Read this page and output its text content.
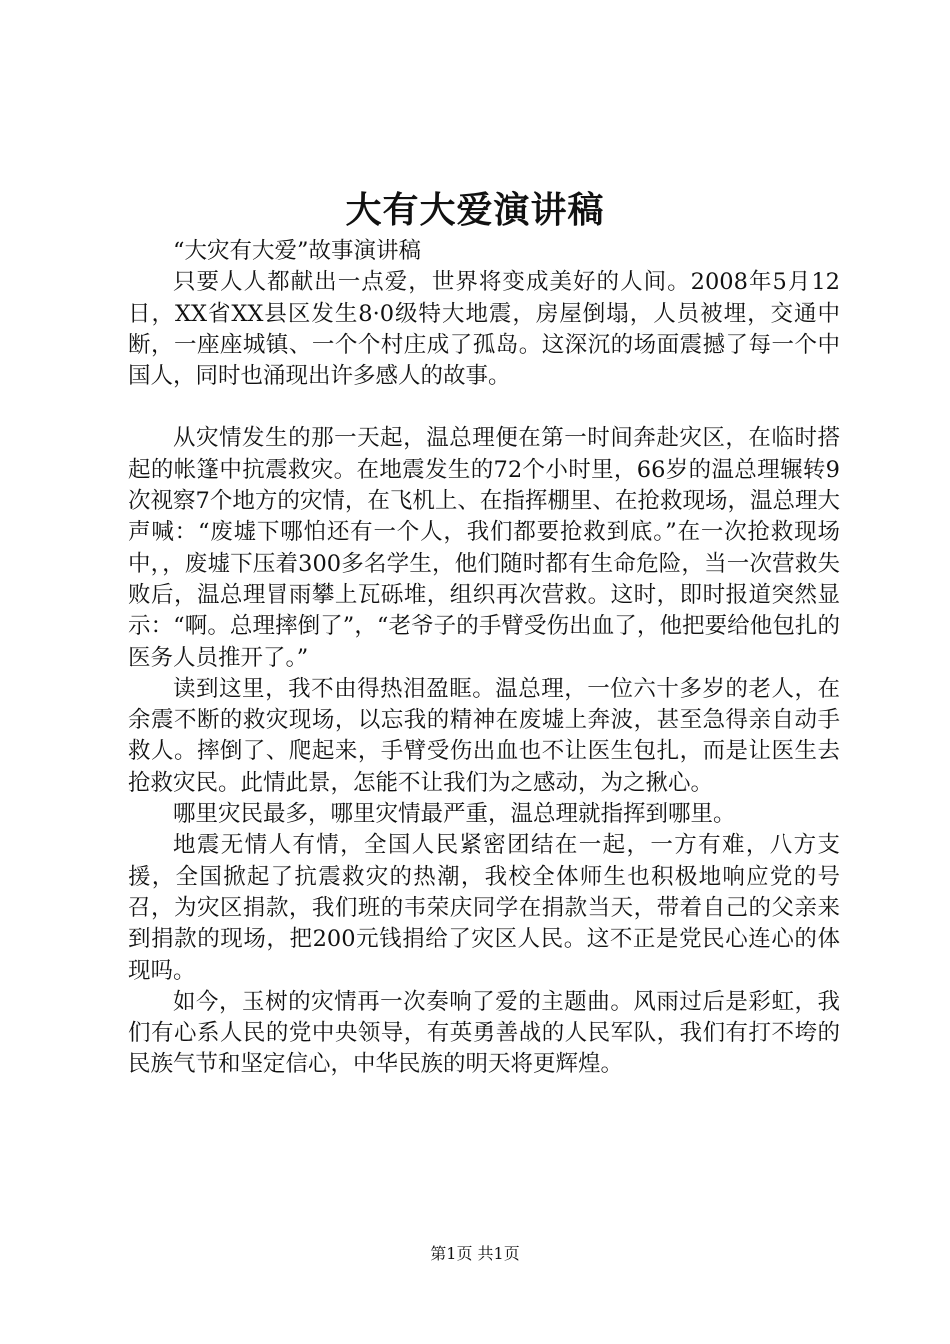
大有大爱演讲稿

“大灾有大爱”故事演讲稿

只要人人都献出一点爱，世界将变成美好的人间。2008年5月12日，XX省XX县区发生8·0级特大地震，房屋倒塌，人员被埋，交通中断，一座座城镇、一个个村庄成了孤岛。这深沉的场面震撼了每一个中国人，同时也涌现出许多感人的故事。

从灾情发生的那一天起，温总理便在第一时间奔赴灾区，在临时搭起的帐篷中抗震救灾。在地震发生的72个小时里，66岁的温总理辗转9次视察7个地方的灾情，在飞机上、在指挥棚里、在抢救现场，温总理大声喊：“废墟下哪怕还有一个人，我们都要抢救到底。”在一次抢救现场中，，废墟下压着300多名学生，他们随时都有生命危险，当一次营救失败后，温总理冒雨攀上瓦砾堆，组织再次营救。这时，即时报道突然显示：“啊。总理摔倒了”，“老爷子的手臂受伤出血了，他把要给他包扎的医务人员推开了。”

读到这里，我不由得热泪盈眶。温总理，一位六十多岁的老人，在余震不断的救灾现场，以忘我的精神在废墟上奔波，甚至急得亲自动手救人。摔倒了、爬起来，手臂受伤出血也不让医生包扎，而是让医生去抢救灾民。此情此景，怎能不让我们为之感动，为之揪心。

哪里灾民最多，哪里灾情最严重，温总理就指挥到哪里。

地震无情人有情，全国人民紧密团结在一起，一方有难，八方支援，全国掀起了抗震救灾的热潮，我校全体师生也积极地响应党的号召，为灾区捐款，我们班的韦荣庆同学在捐款当天，带着自己的父亲来到捐款的现场，把200元钱捐给了灾区人民。这不正是党民心连心的体现吗。

如今，玉树的灾情再一次奏响了爱的主题曲。风雨过后是彩虹，我们有心系人民的党中央领导，有英勇善战的人民军队，我们有打不垮的民族气节和坚定信心，中华民族的明天将更辉煌。

第1页 共1页
